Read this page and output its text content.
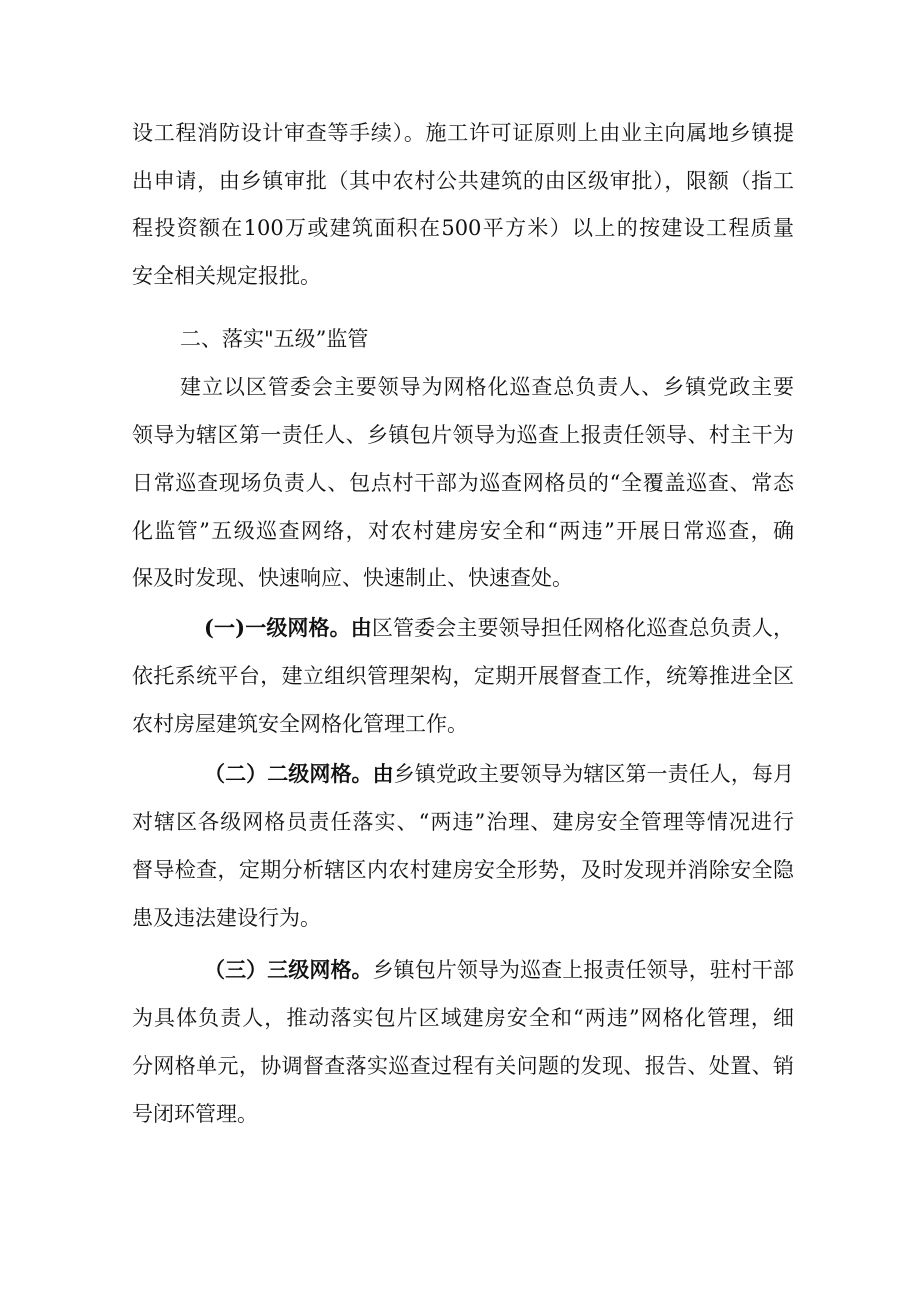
设工程消防设计审查等手续）。施工许可证原则上由业主向属地乡镇提
出申请，由乡镇审批（其中农村公共建筑的由区级审批），限额（指工
程投资额在100万或建筑面积在500平方米）以上的按建设工程质量
安全相关规定报批。
二、落实"五级”监管
建立以区管委会主要领导为网格化巡查总负责人、乡镇党政主要
领导为辖区第一责任人、乡镇包片领导为巡查上报责任领导、村主干为
日常巡查现场负责人、包点村干部为巡查网格员的“全覆盖巡查、常态
化监管”五级巡查网络，对农村建房安全和“两违”开展日常巡查，确
保及时发现、快速响应、快速制止、快速查处。
(一)一级网格。由区管委会主要领导担任网格化巡查总负责人，
依托系统平台，建立组织管理架构，定期开展督查工作，统筹推进全区
农村房屋建筑安全网格化管理工作。
（二）二级网格。由乡镇党政主要领导为辖区第一责任人，每月
对辖区各级网格员责任落实、“两违”治理、建房安全管理等情况进行
督导检查，定期分析辖区内农村建房安全形势，及时发现并消除安全隐
患及违法建设行为。
（三）三级网格。乡镇包片领导为巡查上报责任领导，驻村干部
为具体负责人，推动落实包片区域建房安全和“两违”网格化管理，细
分网格单元，协调督查落实巡查过程有关问题的发现、报告、处置、销
号闭环管理。
